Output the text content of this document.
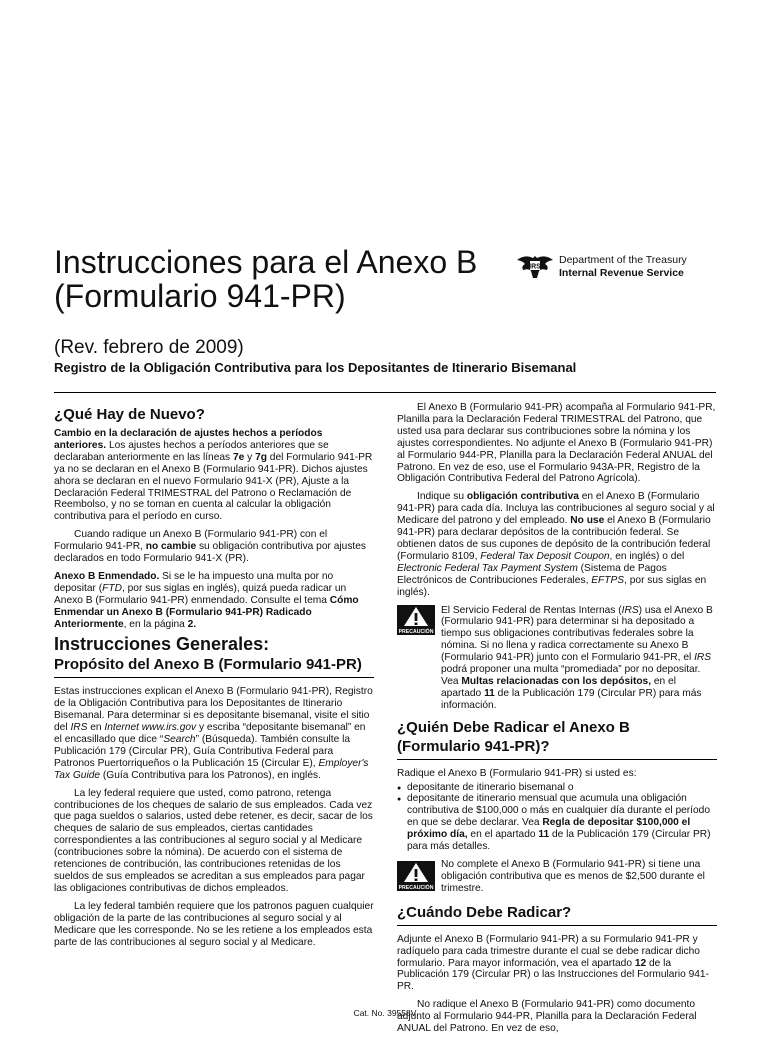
Instrucciones para el Anexo B (Formulario 941-PR)

(Rev. febrero de 2009)

Registro de la Obligación Contributiva para los Depositantes de Itinerario Bisemanal

IRS
Department of the Treasury
Internal Revenue Service
¿Qué Hay de Nuevo?

Cambio en la declaración de ajustes hechos a períodos anteriores. Los ajustes hechos a períodos anteriores que se declaraban anteriormente en las líneas 7e y 7g del Formulario 941-PR ya no se declaran en el Anexo B (Formulario 941-PR). Dichos ajustes ahora se declaran en el nuevo Formulario 941-X (PR), Ajuste a la Declaración Federal TRIMESTRAL del Patrono o Reclamación de Reembolso, y no se toman en cuenta al calcular la obligación contributiva para el período en curso.

Cuando radique un Anexo B (Formulario 941-PR) con el Formulario 941-PR, no cambie su obligación contributiva por ajustes declarados en todo Formulario 941-X (PR).

Anexo B Enmendado. Si se le ha impuesto una multa por no depositar (FTD, por sus siglas en inglés), quizá pueda radicar un Anexo B (Formulario 941-PR) enmendado. Consulte el tema Cómo Enmendar un Anexo B (Formulario 941-PR) Radicado Anteriormente, en la página 2.

Instrucciones Generales:
Propósito del Anexo B (Formulario 941-PR)

Estas instrucciones explican el Anexo B (Formulario 941-PR), Registro de la Obligación Contributiva para los Depositantes de Itinerario Bisemanal. Para determinar si es depositante bisemanal, visite el sitio del IRS en Internet www.irs.gov y escriba “depositante bisemanal” en el encasillado que dice “Search” (Búsqueda). También consulte la Publicación 179 (Circular PR), Guía Contributiva Federal para Patronos Puertorriqueños o la Publicación 15 (Circular E), Employer's Tax Guide (Guía Contributiva para los Patronos), en inglés.

La ley federal requiere que usted, como patrono, retenga contribuciones de los cheques de salario de sus empleados. Cada vez que paga sueldos o salarios, usted debe retener, es decir, sacar de los cheques de salario de sus empleados, ciertas cantidades correspondientes a las contribuciones al seguro social y al Medicare (contribuciones sobre la nómina). De acuerdo con el sistema de retenciones de contribución, las contribuciones retenidas de los sueldos de sus empleados se acreditan a sus empleados para pagar las obligaciones contributivas de dichos empleados.

La ley federal también requiere que los patronos paguen cualquier obligación de la parte de las contribuciones al seguro social y al Medicare que les corresponde. No se les retiene a los empleados esta parte de las contribuciones al seguro social y al Medicare.

El Anexo B (Formulario 941-PR) acompaña al Formulario 941-PR, Planilla para la Declaración Federal TRIMESTRAL del Patrono, que usted usa para declarar sus contribuciones sobre la nómina y los ajustes correspondientes. No adjunte el Anexo B (Formulario 941-PR) al Formulario 944-PR, Planilla para la Declaración Federal ANUAL del Patrono. En vez de eso, use el Formulario 943A-PR, Registro de la Obligación Contributiva Federal del Patrono Agrícola).

Indique su obligación contributiva en el Anexo B (Formulario 941-PR) para cada día. Incluya las contribuciones al seguro social y al Medicare del patrono y del empleado. No use el Anexo B (Formulario 941-PR) para declarar depósitos de la contribución federal. Se obtienen datos de sus cupones de depósito de la contribución federal (Formulario 8109, Federal Tax Deposit Coupon, en inglés) o del Electronic Federal Tax Payment System (Sistema de Pagos Electrónicos de Contribuciones Federales, EFTPS, por sus siglas en inglés).

PRECAUCIÓN
El Servicio Federal de Rentas Internas (IRS) usa el Anexo B (Formulario 941-PR) para determinar si ha depositado a tiempo sus obligaciones contributivas federales sobre la nómina. Si no llena y radica correctamente su Anexo B (Formulario 941-PR) junto con el Formulario 941-PR, el IRS podrá proponer una multa “promediada” por no depositar. Vea Multas relacionadas con los depósitos, en el apartado 11 de la Publicación 179 (Circular PR) para más información.
¿Quién Debe Radicar el Anexo B (Formulario 941-PR)?

Radique el Anexo B (Formulario 941-PR) si usted es:

● depositante de itinerario bisemanal o
● depositante de itinerario mensual que acumula una obligación contributiva de $100,000 o más en cualquier día durante el período en que se debe declarar. Vea Regla de depositar $100,000 el próximo día, en el apartado 11 de la Publicación 179 (Circular PR) para más detalles.
PRECAUCIÓN
No complete el Anexo B (Formulario 941-PR) si tiene una obligación contributiva que es menos de $2,500 durante el trimestre.
¿Cuándo Debe Radicar?

Adjunte el Anexo B (Formulario 941-PR) a su Formulario 941-PR y radíquelo para cada trimestre durante el cual se debe radicar dicho formulario. Para mayor información, vea el apartado 12 de la Publicación 179 (Circular PR) o las Instrucciones del Formulario 941-PR.

No radique el Anexo B (Formulario 941-PR) como documento adjunto al Formulario 944-PR, Planilla para la Declaración Federal ANUAL del Patrono. En vez de eso,

Cat. No. 39558V
